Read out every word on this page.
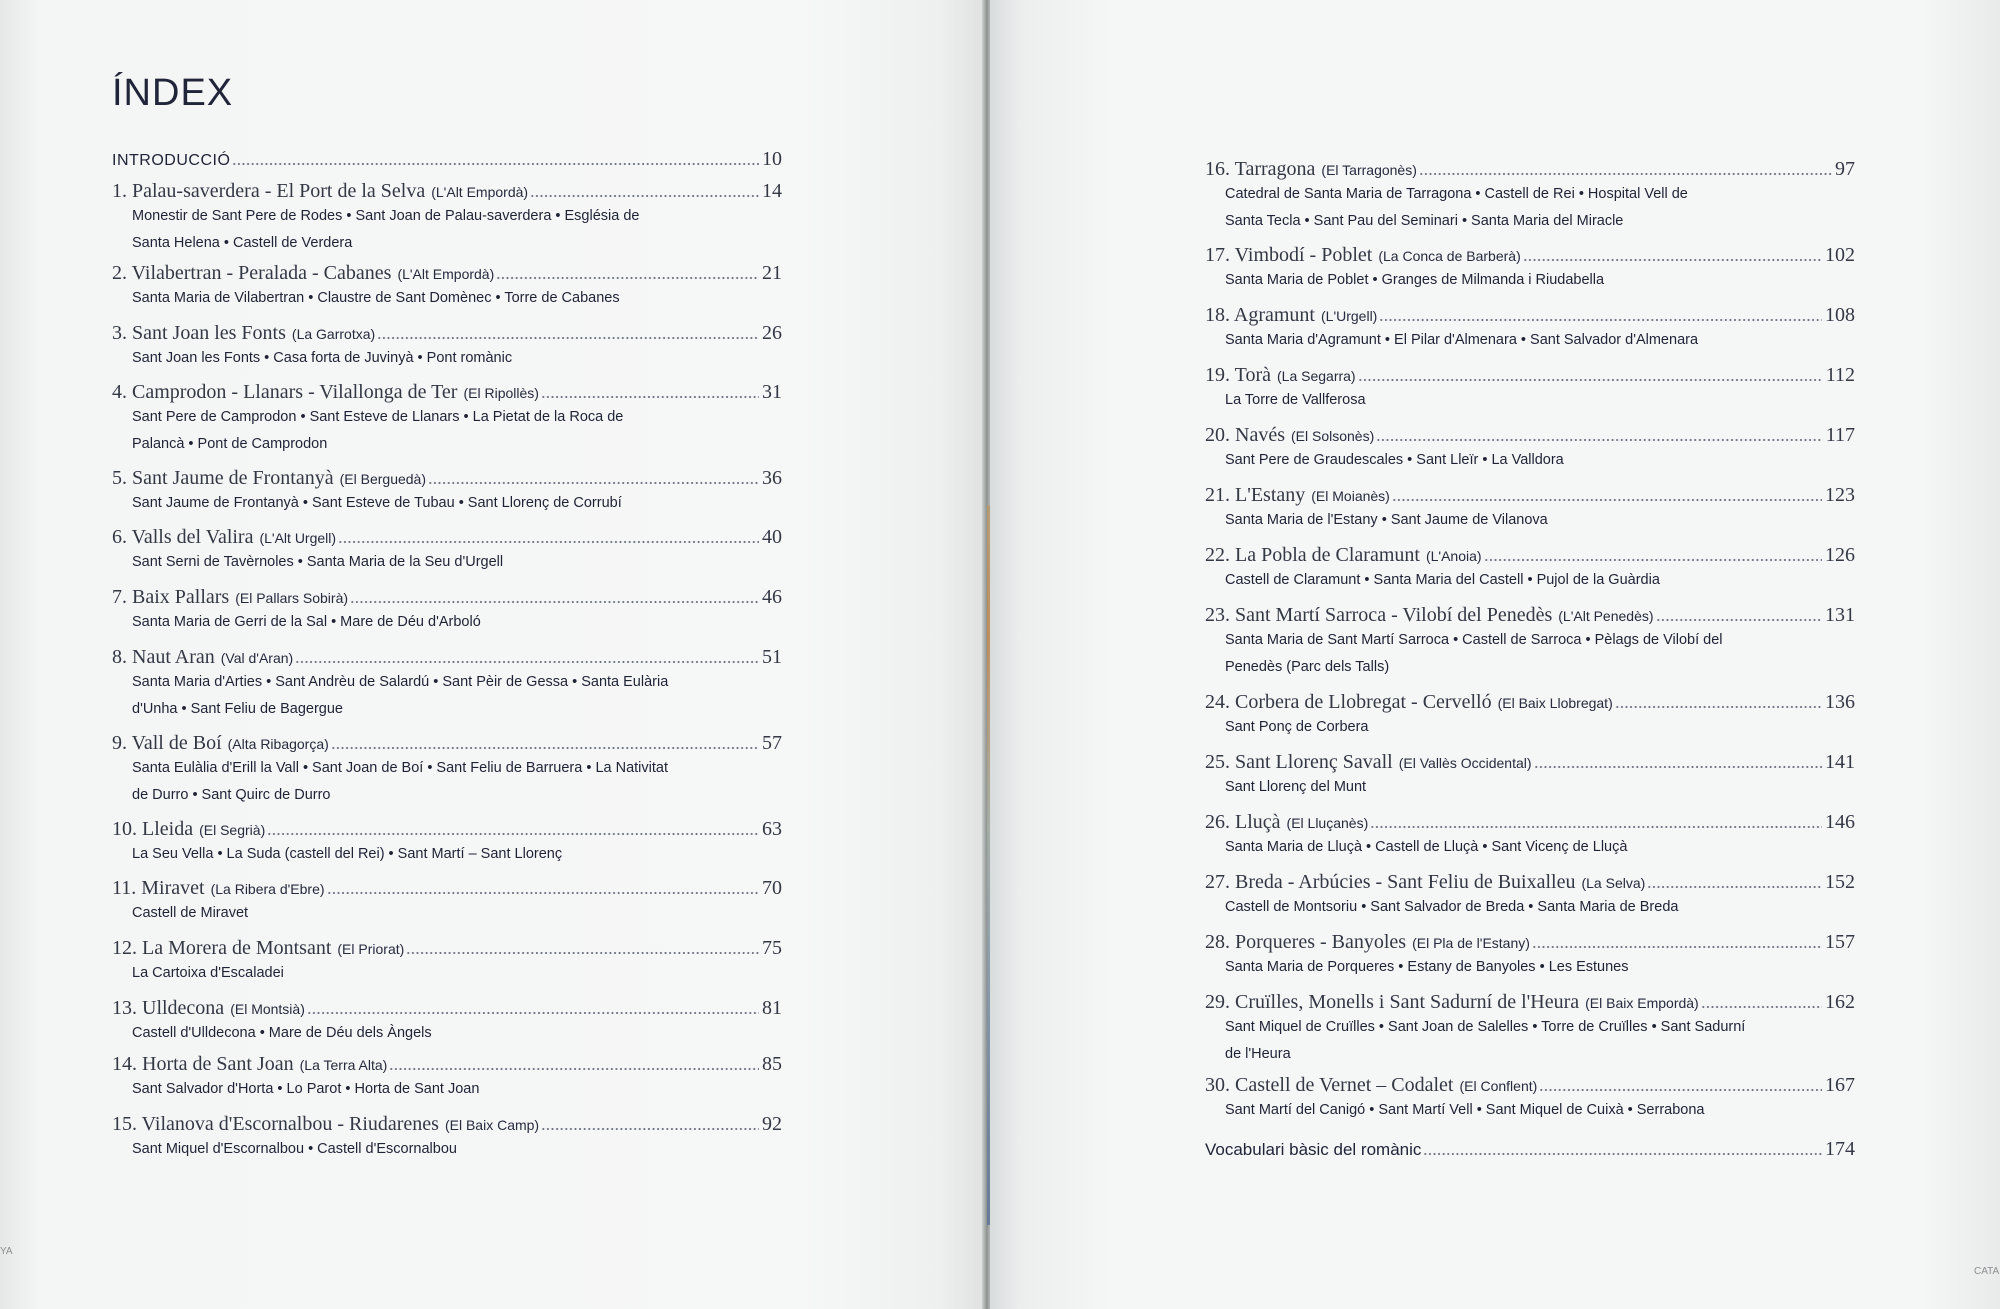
ÍNDEX
INTRODUCCIÓ	10
1. Palau-saverdera - El Port de la Selva (L'Alt Empordà)	14
Monestir de Sant Pere de Rodes • Sant Joan de Palau-saverdera • Església de
Santa Helena • Castell de Verdera
2. Vilabertran - Peralada - Cabanes (L'Alt Empordà)	21
Santa Maria de Vilabertran • Claustre de Sant Domènec • Torre de Cabanes
3. Sant Joan les Fonts (La Garrotxa)	26
Sant Joan les Fonts • Casa forta de Juvinyà • Pont romànic
4. Camprodon - Llanars - Vilallonga de Ter (El Ripollès)	31
Sant Pere de Camprodon • Sant Esteve de Llanars • La Pietat de la Roca de
Palancà • Pont de Camprodon
5. Sant Jaume de Frontanyà (El Berguedà)	36
Sant Jaume de Frontanyà • Sant Esteve de Tubau • Sant Llorenç de Corrubí
6. Valls del Valira (L'Alt Urgell)	40
Sant Serni de Tavèrnoles • Santa Maria de la Seu d'Urgell
7. Baix Pallars (El Pallars Sobirà)	46
Santa Maria de Gerri de la Sal • Mare de Déu d'Arboló
8. Naut Aran (Val d'Aran)	51
Santa Maria d'Arties • Sant Andrèu de Salardú • Sant Pèir de Gessa • Santa Eulària
d'Unha • Sant Feliu de Bagergue
9. Vall de Boí (Alta Ribagorça)	57
Santa Eulàlia d'Erill la Vall • Sant Joan de Boí • Sant Feliu de Barruera • La Nativitat
de Durro • Sant Quirc de Durro
10. Lleida (El Segrià)	63
La Seu Vella • La Suda (castell del Rei) • Sant Martí – Sant Llorenç
11. Miravet (La Ribera d'Ebre)	70
Castell de Miravet
12. La Morera de Montsant (El Priorat)	75
La Cartoixa d'Escaladei
13. Ulldecona (El Montsià)	81
Castell d'Ulldecona • Mare de Déu dels Àngels
14. Horta de Sant Joan (La Terra Alta)	85
Sant Salvador d'Horta • Lo Parot • Horta de Sant Joan
15. Vilanova d'Escornalbou - Riudarenes (El Baix Camp)	92
Sant Miquel d'Escornalbou • Castell d'Escornalbou
YA
16. Tarragona (El Tarragonès)	97
Catedral de Santa Maria de Tarragona • Castell de Rei • Hospital Vell de
Santa Tecla • Sant Pau del Seminari • Santa Maria del Miracle
17. Vimbodí - Poblet (La Conca de Barberà)	102
Santa Maria de Poblet • Granges de Milmanda i Riudabella
18. Agramunt (L'Urgell)	108
Santa Maria d'Agramunt • El Pilar d'Almenara • Sant Salvador d'Almenara
19. Torà (La Segarra)	112
La Torre de Vallferosa
20. Navés (El Solsonès)	117
Sant Pere de Graudescales • Sant Lleïr • La Valldora
21. L'Estany (El Moianès)	123
Santa Maria de l'Estany • Sant Jaume de Vilanova
22. La Pobla de Claramunt (L'Anoia)	126
Castell de Claramunt • Santa Maria del Castell • Pujol de la Guàrdia
23. Sant Martí Sarroca - Vilobí del Penedès (L'Alt Penedès)	131
Santa Maria de Sant Martí Sarroca • Castell de Sarroca • Pèlags de Vilobí del
Penedès (Parc dels Talls)
24. Corbera de Llobregat - Cervelló (El Baix Llobregat)	136
Sant Ponç de Corbera
25. Sant Llorenç Savall (El Vallès Occidental)	141
Sant Llorenç del Munt
26. Lluçà (El Lluçanès)	146
Santa Maria de Lluçà • Castell de Lluçà • Sant Vicenç de Lluçà
27. Breda - Arbúcies - Sant Feliu de Buixalleu (La Selva)	152
Castell de Montsoriu • Sant Salvador de Breda • Santa Maria de Breda
28. Porqueres - Banyoles (El Pla de l'Estany)	157
Santa Maria de Porqueres • Estany de Banyoles • Les Estunes
29. Cruïlles, Monells i Sant Sadurní de l'Heura (El Baix Empordà)	162
Sant Miquel de Cruïlles • Sant Joan de Salelles • Torre de Cruïlles • Sant Sadurní
de l'Heura
30. Castell de Vernet – Codalet (El Conflent)	167
Sant Martí del Canigó • Sant Martí Vell • Sant Miquel de Cuixà • Serrabona
Vocabulari bàsic del romànic	174
CATA
